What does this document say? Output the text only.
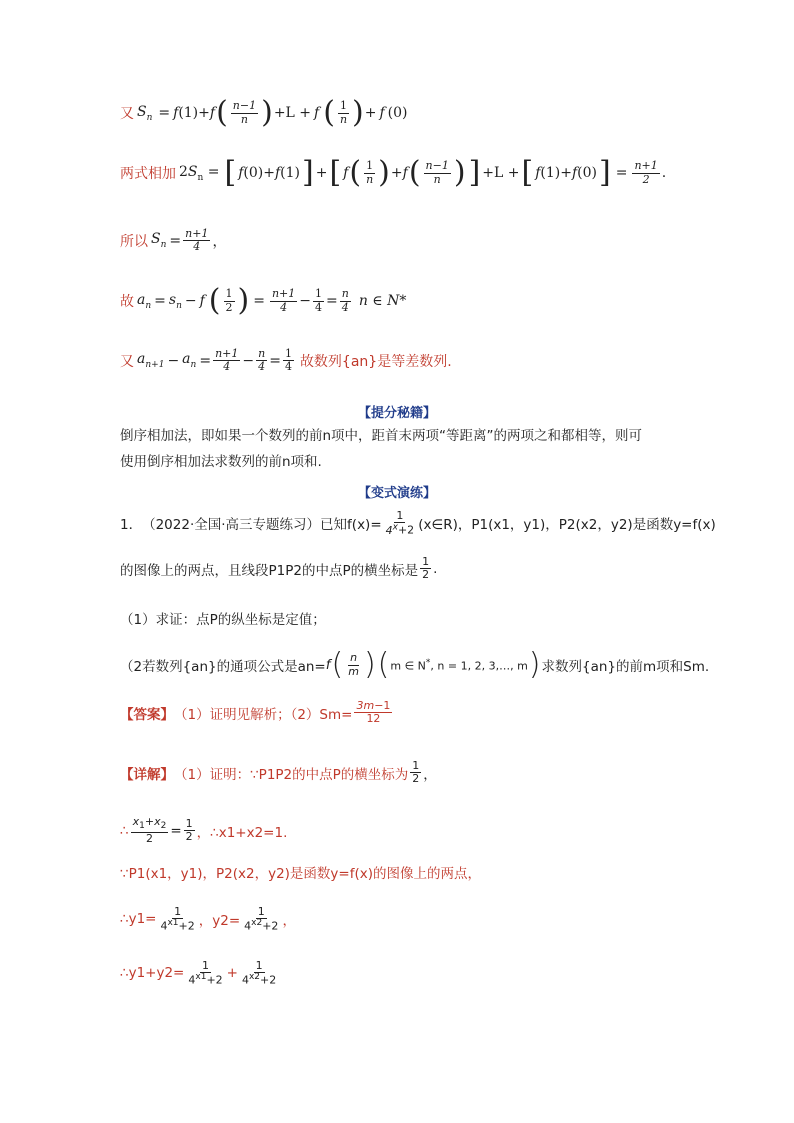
又 $S_n = f$ (1)+ f ( $\frac{n-1}{n}$ ) +L + f ( $\frac{1}{n}$ ) + f (0)
两式相加 $2S_n$ = [ f(0)+f(1) ] + [ f ( $\frac{1}{n}$ ) + f ( $\frac{n-1}{n}$ ) ] +L + [ f(1)+f(0) ] = $\frac{n+1}{2}$ .
所以 $S_n = \frac{n+1}{4}$ ，
故 $a_n = s_n - f$ ( $\frac{1}{2}$ ) = $\frac{n+1}{4} - \frac{1}{4} = \frac{n}{4}$ n ∈ N*
又 $a_{n+1} - a_n = \frac{n+1}{4} - \frac{n}{4} = \frac{1}{4}$ 故数列{an}是等差数列.
【提分秘籍】
倒序相加法，即如果一个数列的前n项中，距首末两项“等距离”的两项之和都相等，则可
使用倒序相加法求数列的前n项和.
【变式演练】
1． （2022·全国·高三专题练习） 已知$f(x)= \frac{1}{4^x+2}$ (x∈R)，P1(x1，y1)，P2(x2，y2)是函数y=f(x)
的图像上的两点，且线段P1P2的中点P的横坐标是 $\frac{1}{2}$ .
（1）求证：点P的纵坐标是定值；
（2若数列{an}的通项公式是an= f ( $\frac{n}{m}$ ) ( m ∈ N*, n = 1, 2, 3,…, m ) 求数列{an}的前m项和Sm.
【答案】 （1）证明见解析；$(2)Sm= \frac{3m-1}{12}$
【详解】 （1）证明：∵P1P2的中点P的横坐标为 $\frac{1}{2}$ ，
∴ $\frac{x_1+x_2}{2} = \frac{1}{2}$ ，∴x1+x2=1.
∵P1(x1，y1)，P2(x2，y2)是函数y=f(x)的图像上的两点，
∴y1= $\frac{1}{4^{x1}+2}$ ，$y2= \frac{1}{4^{x2}+2}$ ，
∴y1+y2= $\frac{1}{4^{x1}+2} + \frac{1}{4^{x2}+2}$
